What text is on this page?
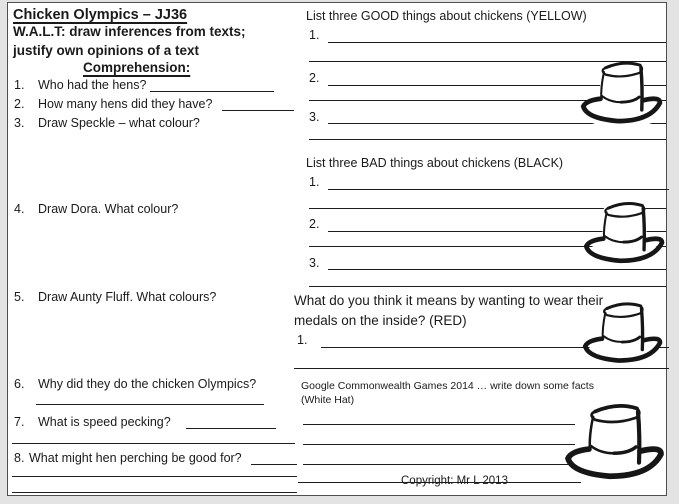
Chicken Olympics – JJ36
W.A.L.T: draw inferences from texts;
justify own opinions of a text
Comprehension:
1. Who had the hens?
2. How many hens did they have?
3. Draw Speckle – what colour?
4. Draw Dora. What colour?
5. Draw Aunty Fluff. What colours?
6. Why did they do the chicken Olympics?
7. What is speed pecking?
8. What might hen perching be good for?
List three GOOD things about chickens (YELLOW)
1.
2.
3.
List three BAD things about chickens (BLACK)
1.
2.
3.
What do you think it means by wanting to wear their
medals on the inside? (RED)
1.
Google Commonwealth Games 2014 … write down some facts
(White Hat)
Copyright: Mr L 2013
